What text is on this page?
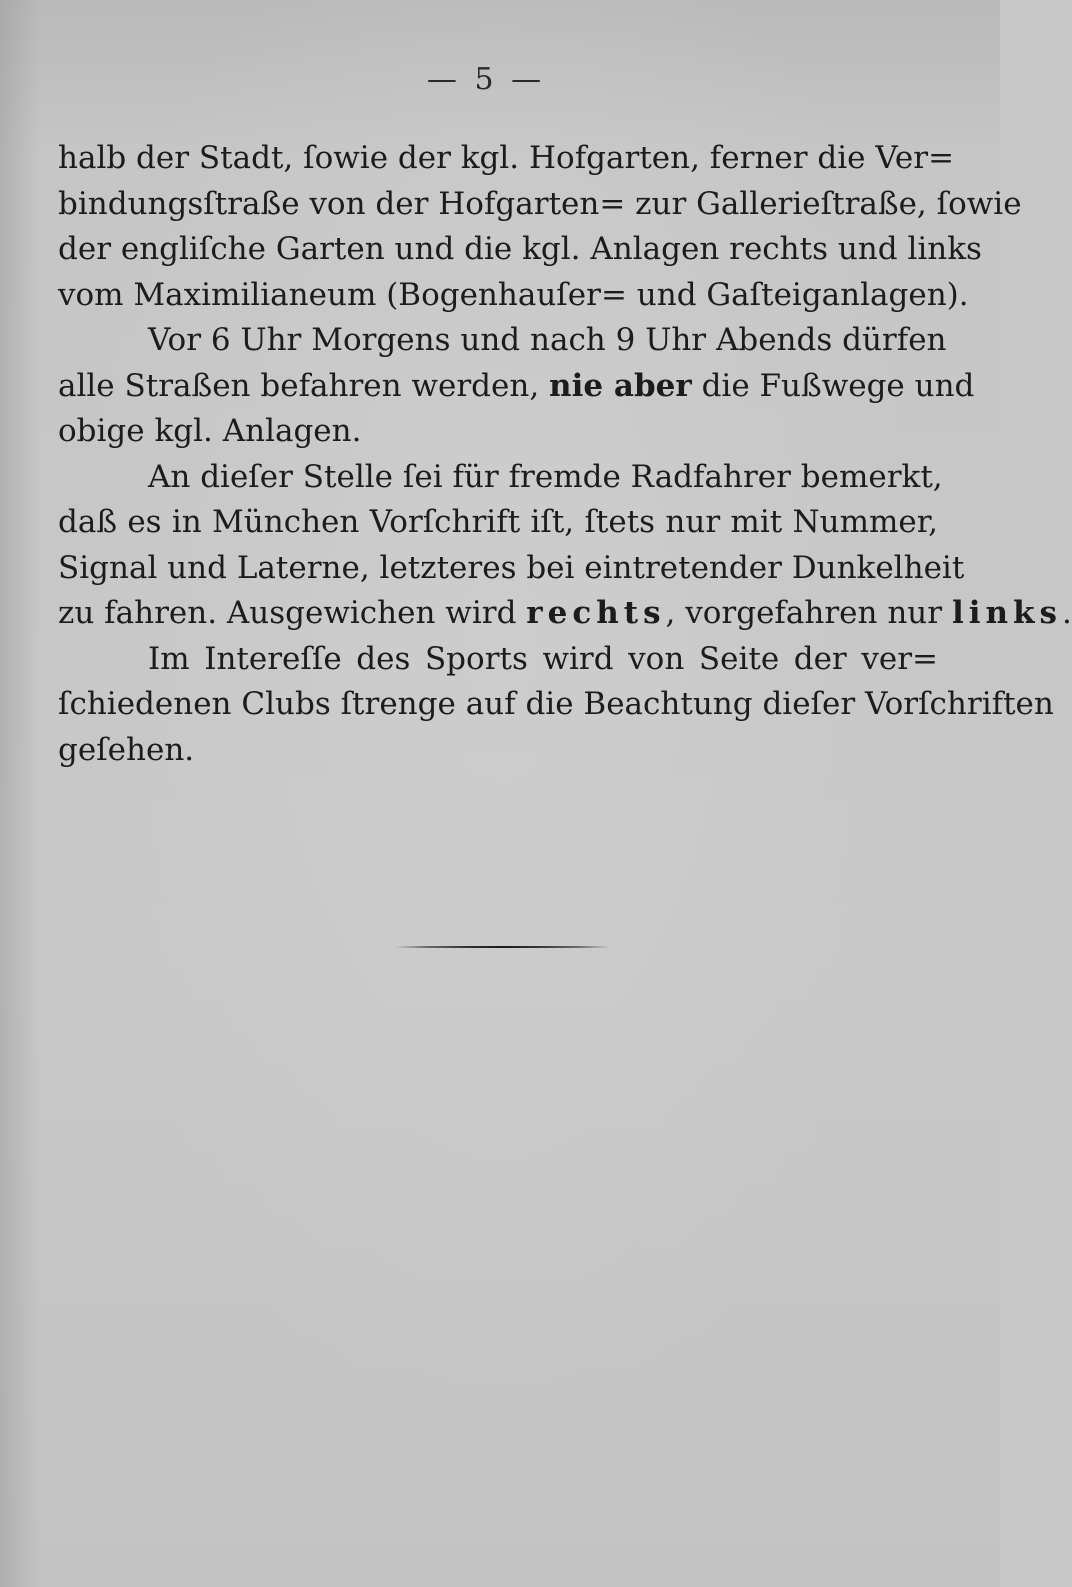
— 5 —
halb der Stadt, ſowie der kgl. Hofgarten, ferner die Ver=
bindungsſtraße von der Hofgarten= zur Gallerieſtraße, ſowie
der engliſche Garten und die kgl. Anlagen rechts und links
vom Maximilianeum (Bogenhauſer= und Gaſteiganlagen).
Vor 6 Uhr Morgens und nach 9 Uhr Abends dürfen
alle Straßen befahren werden, nie aber die Fußwege und
obige kgl. Anlagen.
An dieſer Stelle ſei für fremde Radfahrer bemerkt,
daß es in München Vorſchrift iſt, ſtets nur mit Nummer,
Signal und Laterne, letzteres bei eintretender Dunkelheit
zu fahren. Ausgewichen wird rechts, vorgefahren nur links.
Im Intereſſe des Sports wird von Seite der ver=
ſchiedenen Clubs ſtrenge auf die Beachtung dieſer Vorſchriften
geſehen.
